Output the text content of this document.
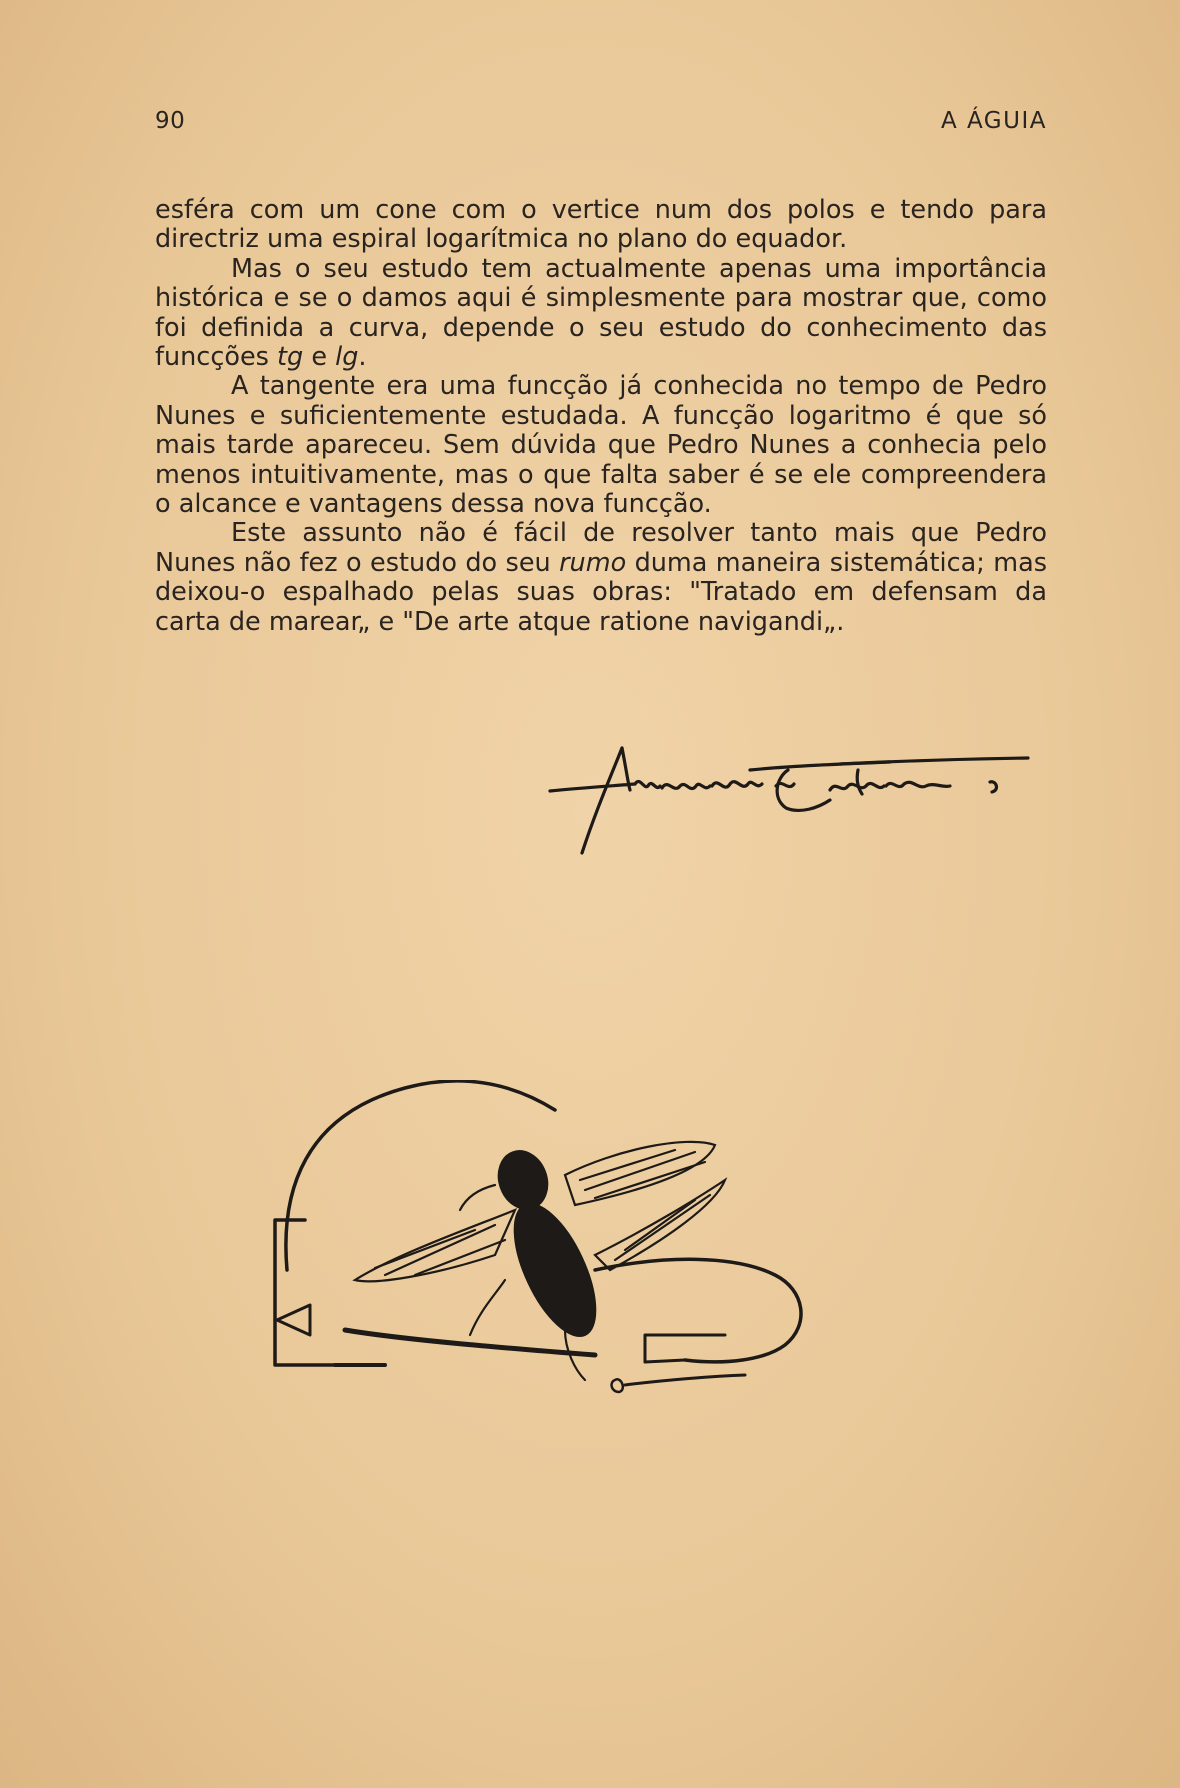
90	A ÁGUIA

esféra com um cone com o vertice num dos polos e tendo para directriz uma espiral logarítmica no plano do equador.

Mas o seu estudo tem actualmente apenas uma importância histórica e se o damos aqui é simplesmente para mostrar que, como foi definida a curva, depende o seu estudo do conhecimento das funcções tg e lg.

A tangente era uma funcção já conhecida no tempo de Pedro Nunes e suficientemente estudada. A funcção logaritmo é que só mais tarde apareceu. Sem dúvida que Pedro Nunes a conhecia pelo menos intuitivamente, mas o que falta saber é se ele compreendera o alcance e vantagens dessa nova funcção.

Este assunto não é fácil de resolver tanto mais que Pedro Nunes não fez o estudo do seu rumo duma maneira sistemática; mas deixou-o espalhado pelas suas obras: "Tratado em defensam da carta de marear„ e "De arte atque ratione navigandi„.
